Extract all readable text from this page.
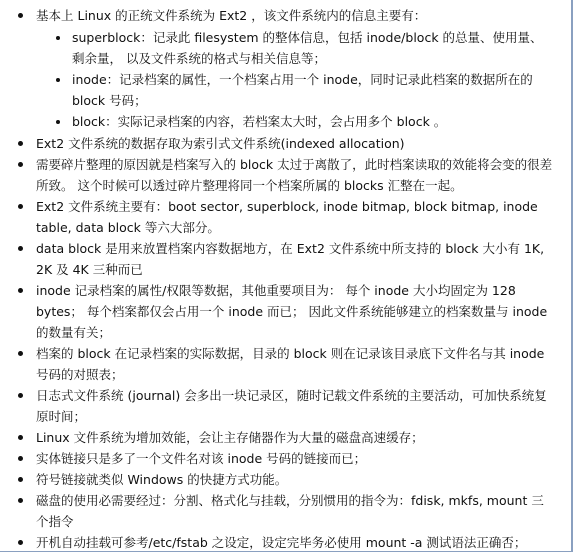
基本上 Linux 的正统文件系统为 Ext2 ，该文件系统内的信息主要有：
superblock：记录此 filesystem 的整体信息，包括 inode/block 的总量、使用量、剩余量， 以及文件系统的格式与相关信息等；
inode：记录档案的属性，一个档案占用一个 inode，同时记录此档案的数据所在的 block 号码；
block：实际记录档案的内容，若档案太大时，会占用多个 block 。
Ext2 文件系统的数据存取为索引式文件系统(indexed allocation)
需要碎片整理的原因就是档案写入的 block 太过于离散了，此时档案读取的效能将会变的很差所致。 这个时候可以透过碎片整理将同一个档案所属的 blocks 汇整在一起。
Ext2 文件系统主要有：boot sector, superblock, inode bitmap, block bitmap, inode table, data block 等六大部分。
data block 是用来放置档案内容数据地方，在 Ext2 文件系统中所支持的 block 大小有 1K, 2K 及 4K 三种而已
inode 记录档案的属性/权限等数据，其他重要项目为： 每个 inode 大小均固定为 128 bytes； 每个档案都仅会占用一个 inode 而已； 因此文件系统能够建立的档案数量与 inode 的数量有关；
档案的 block 在记录档案的实际数据，目录的 block 则在记录该目录底下文件名与其 inode 号码的对照表；
日志式文件系统 (journal) 会多出一块记录区，随时记载文件系统的主要活动，可加快系统复原时间；
Linux 文件系统为增加效能，会让主存储器作为大量的磁盘高速缓存；
实体链接只是多了一个文件名对该 inode 号码的链接而已；
符号链接就类似 Windows 的快捷方式功能。
磁盘的使用必需要经过：分割、格式化与挂载，分别惯用的指令为：fdisk, mkfs, mount 三个指令
开机自动挂载可参考/etc/fstab 之设定，设定完毕务必使用 mount -a 测试语法正确否；
